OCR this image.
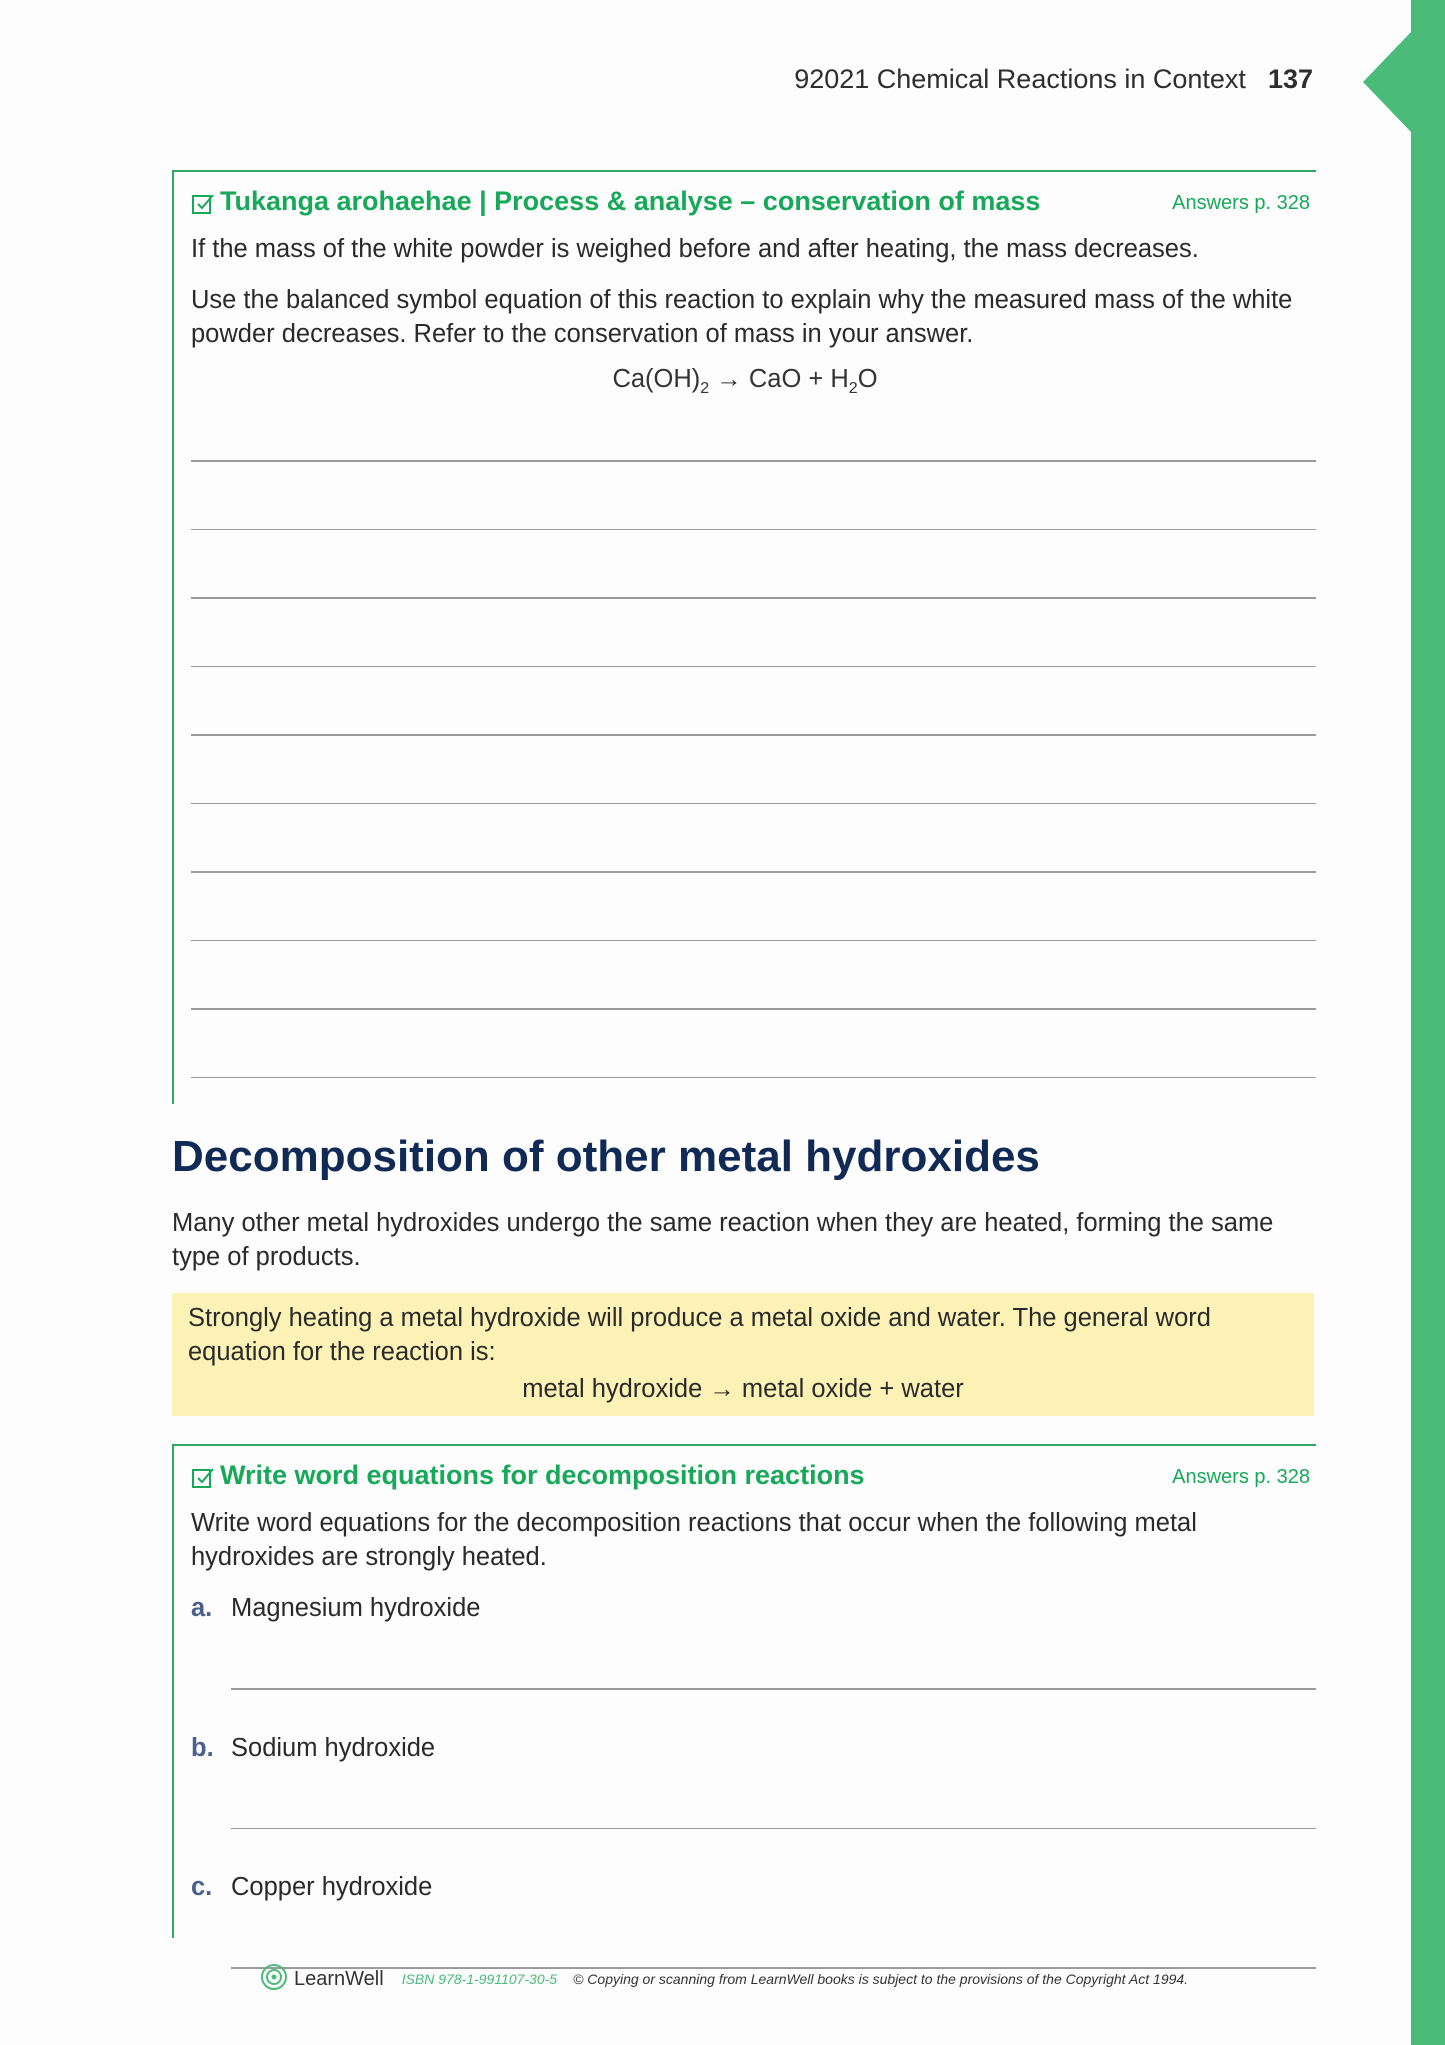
92021 Chemical Reactions in Context 137
Tukanga arohaehae | Process & analyse – conservation of mass	Answers p. 328

If the mass of the white powder is weighed before and after heating, the mass decreases.

Use the balanced symbol equation of this reaction to explain why the measured mass of the white powder decreases. Refer to the conservation of mass in your answer.

$Ca(OH)_2$ → CaO + $H_2O$
Decomposition of other metal hydroxides
Many other metal hydroxides undergo the same reaction when they are heated, forming the same type of products.
Strongly heating a metal hydroxide will produce a metal oxide and water. The general word equation for the reaction is:
metal hydroxide → metal oxide + water
Write word equations for decomposition reactions	Answers p. 328

Write word equations for the decomposition reactions that occur when the following metal hydroxides are strongly heated.

a. Magnesium hydroxide
b. Sodium hydroxide
c. Copper hydroxide
LearnWell ISBN 978-1-991107-30-5 © Copying or scanning from LearnWell books is subject to the provisions of the Copyright Act 1994.
